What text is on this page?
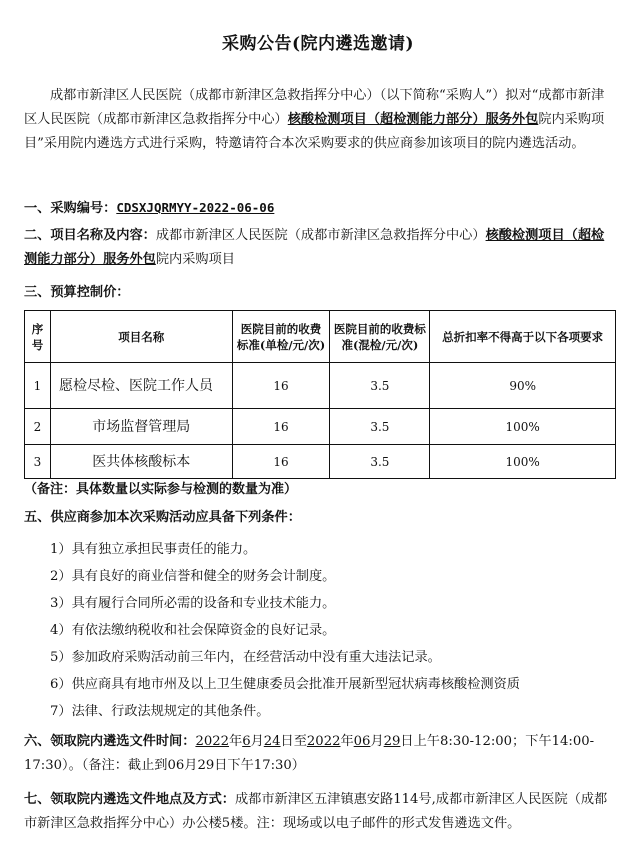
采购公告(院内遴选邀请)
成都市新津区人民医院（成都市新津区急救指挥分中心）（以下简称“采购人”）拟对“成都市新津区人民医院（成都市新津区急救指挥分中心）核酸检测项目（超检测能力部分）服务外包院内采购项目”采用院内遴选方式进行采购，特邀请符合本次采购要求的供应商参加该项目的院内遴选活动。
一、采购编号：CDSXJQRMYY-2022-06-06
二、项目名称及内容：成都市新津区人民医院（成都市新津区急救指挥分中心）核酸检测项目（超检测能力部分）服务外包院内采购项目
三、预算控制价：
序号	项目名称	医院目前的收费标准(单检/元/次)	医院目前的收费标准(混检/元/次)	总折扣率不得高于以下各项要求
1	愿检尽检、医院工作人员	16	3.5	90%
2	市场监督管理局	16	3.5	100%
3	医共体核酸标本	16	3.5	100%
（备注：具体数量以实际参与检测的数量为准）
五、供应商参加本次采购活动应具备下列条件：
1）具有独立承担民事责任的能力。
2）具有良好的商业信誉和健全的财务会计制度。
3）具有履行合同所必需的设备和专业技术能力。
4）有依法缴纳税收和社会保障资金的良好记录。
5）参加政府采购活动前三年内，在经营活动中没有重大违法记录。
6）供应商具有地市州及以上卫生健康委员会批准开展新型冠状病毒核酸检测资质
7）法律、行政法规规定的其他条件。
六、领取院内遴选文件时间：2022年6月24日至2022年06月29日上午8:30-12:00；下午14:00-17:30）。（备注：截止到06月29日下午17:30）
七、领取院内遴选文件地点及方式：成都市新津区五津镇惠安路114号,成都市新津区人民医院（成都市新津区急救指挥分中心）办公楼5楼。注：现场或以电子邮件的形式发售遴选文件。
